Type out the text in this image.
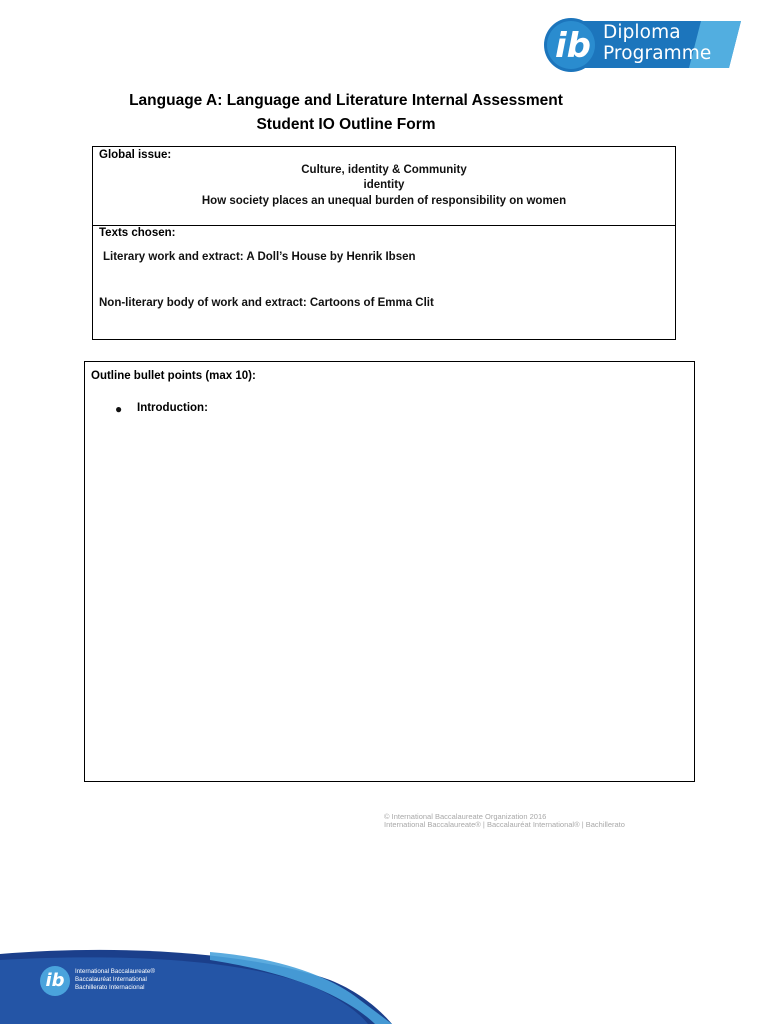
ib Diploma
Programme
Language A: Language and Literature Internal Assessment
Student IO Outline Form
Global issue:
Culture, identity & Community
identity
How society places an unequal burden of responsibility on women
Texts chosen:
Literary work and extract: A Doll’s House by Henrik Ibsen
Non-literary body of work and extract: Cartoons of Emma Clit
Outline bullet points (max 10):
● Introduction:
© International Baccalaureate Organization 2016
International Baccalaureate® | Baccalauréat International® | Bachillerato
ib	International Baccalaureate®
Baccalauréat International
Bachillerato Internacional
